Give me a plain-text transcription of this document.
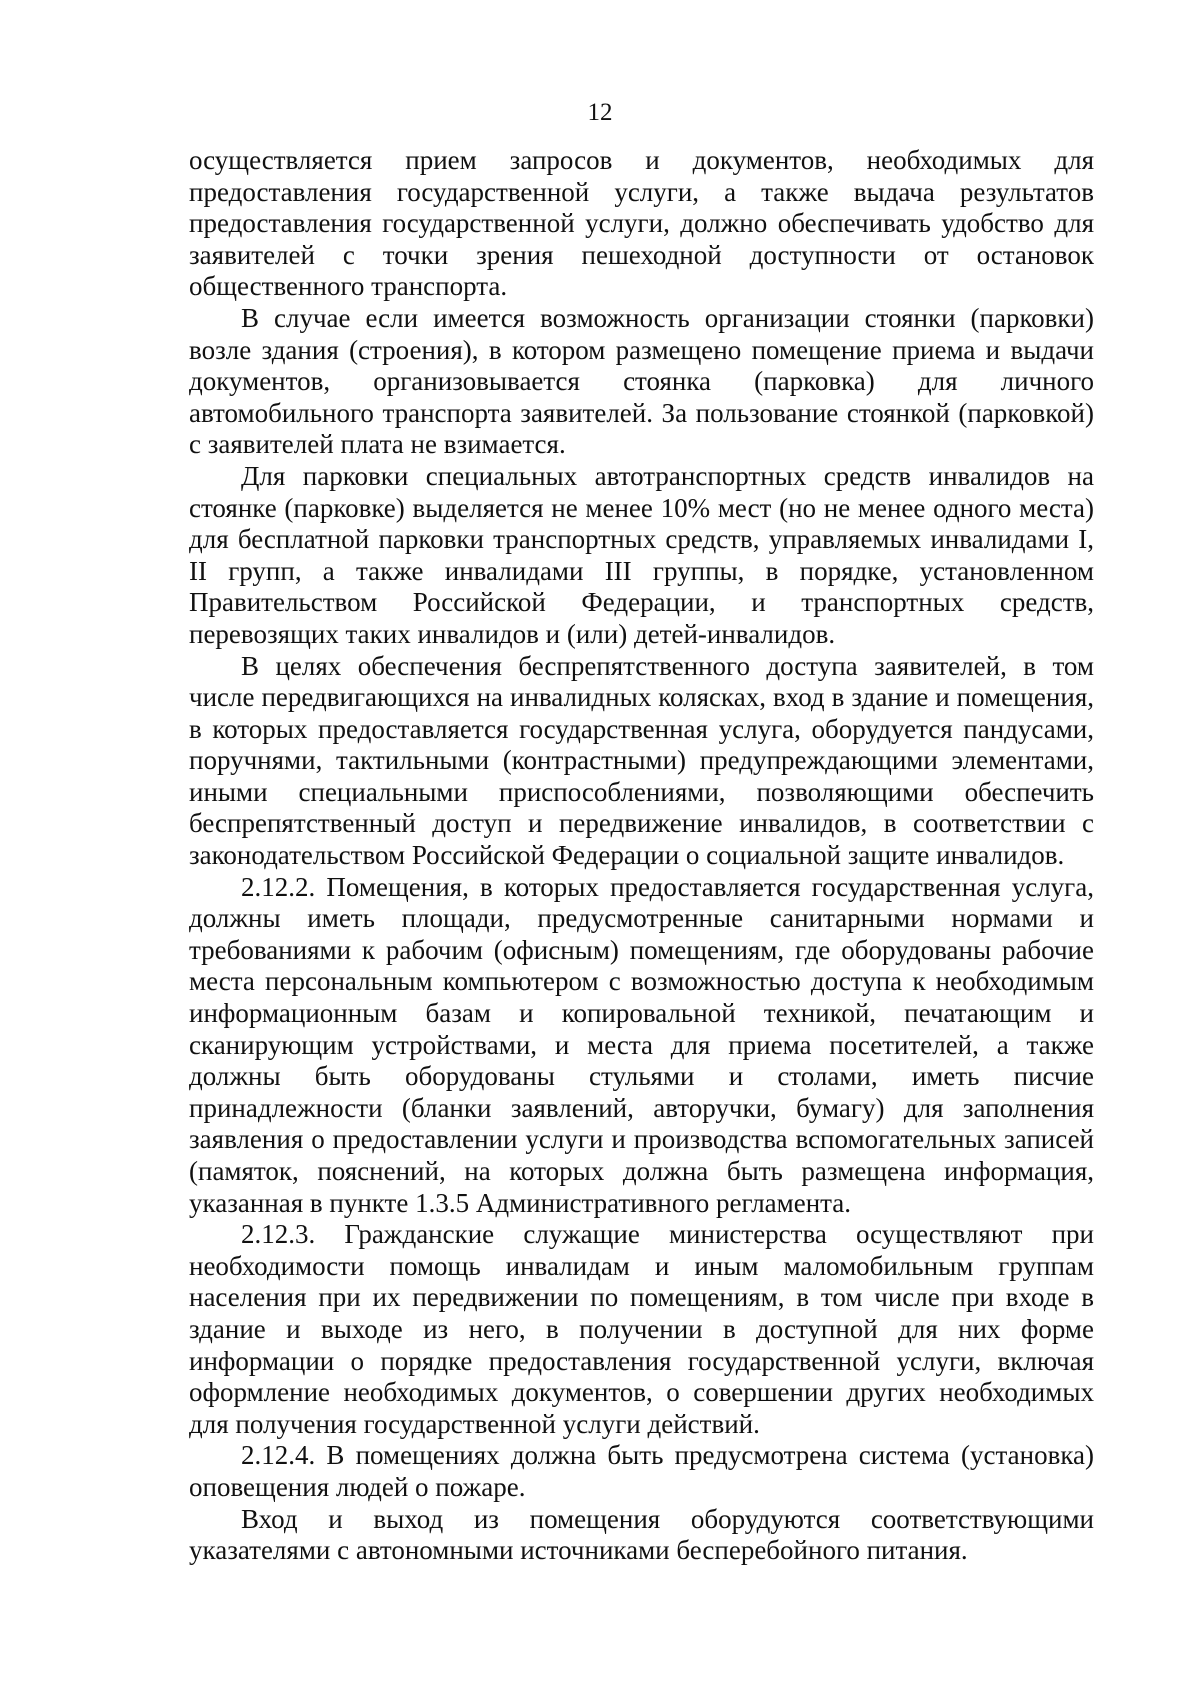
12

осуществляется прием запросов и документов, необходимых для предоставления государственной услуги, а также выдача результатов предоставления государственной услуги, должно обеспечивать удобство для заявителей с точки зрения пешеходной доступности от остановок общественного транспорта.

В случае если имеется возможность организации стоянки (парковки) возле здания (строения), в котором размещено помещение приема и выдачи документов, организовывается стоянка (парковка) для личного автомобильного транспорта заявителей. За пользование стоянкой (парковкой) с заявителей плата не взимается.

Для парковки специальных автотранспортных средств инвалидов на стоянке (парковке) выделяется не менее 10% мест (но не менее одного места) для бесплатной парковки транспортных средств, управляемых инвалидами I, II групп, а также инвалидами III группы, в порядке, установленном Правительством Российской Федерации, и транспортных средств, перевозящих таких инвалидов и (или) детей-инвалидов.

В целях обеспечения беспрепятственного доступа заявителей, в том числе передвигающихся на инвалидных колясках, вход в здание и помещения, в которых предоставляется государственная услуга, оборудуется пандусами, поручнями, тактильными (контрастными) предупреждающими элементами, иными специальными приспособлениями, позволяющими обеспечить беспрепятственный доступ и передвижение инвалидов, в соответствии с законодательством Российской Федерации о социальной защите инвалидов.

2.12.2. Помещения, в которых предоставляется государственная услуга, должны иметь площади, предусмотренные санитарными нормами и требованиями к рабочим (офисным) помещениям, где оборудованы рабочие места персональным компьютером с возможностью доступа к необходимым информационным базам и копировальной техникой, печатающим и сканирующим устройствами, и места для приема посетителей, а также должны быть оборудованы стульями и столами, иметь писчие принадлежности (бланки заявлений, авторучки, бумагу) для заполнения заявления о предоставлении услуги и производства вспомогательных записей (памяток, пояснений, на которых должна быть размещена информация, указанная в пункте 1.3.5 Административного регламента.

2.12.3. Гражданские служащие министерства осуществляют при необходимости помощь инвалидам и иным маломобильным группам населения при их передвижении по помещениям, в том числе при входе в здание и выходе из него, в получении в доступной для них форме информации о порядке предоставления государственной услуги, включая оформление необходимых документов, о совершении других необходимых для получения государственной услуги действий.

2.12.4. В помещениях должна быть предусмотрена система (установка) оповещения людей о пожаре.

Вход и выход из помещения оборудуются соответствующими указателями с автономными источниками бесперебойного питания.
